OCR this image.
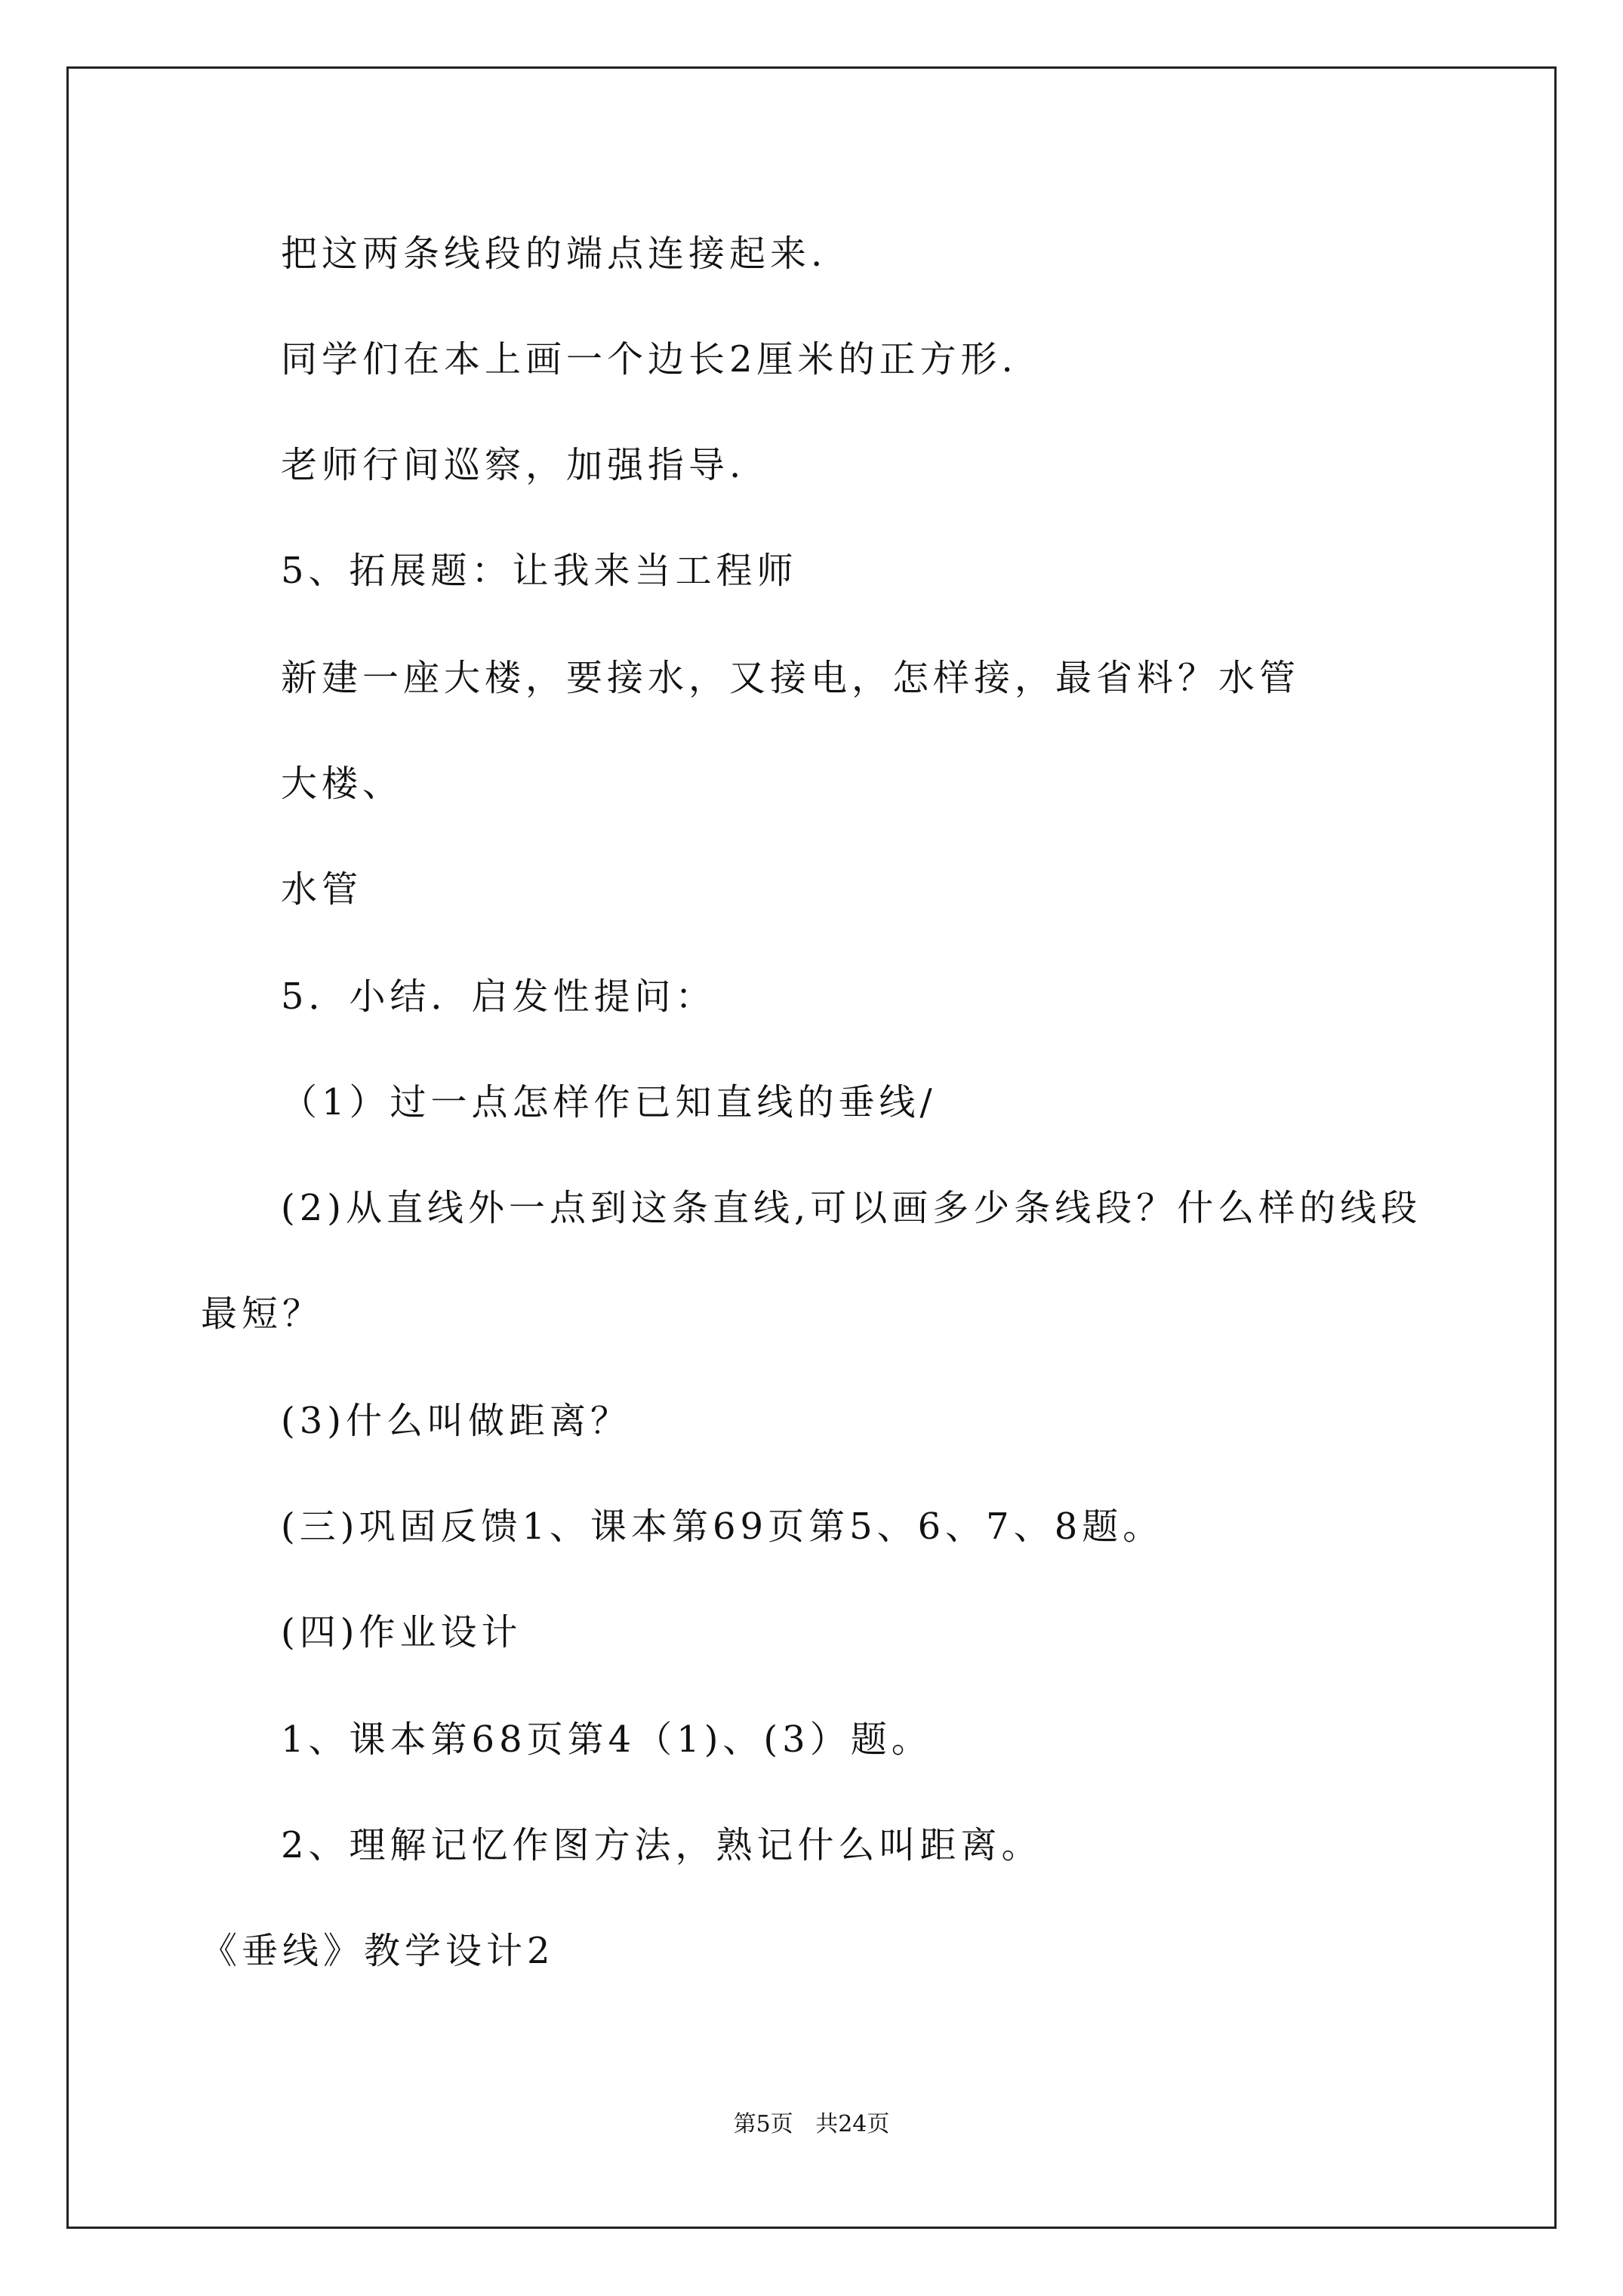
把这两条线段的端点连接起来.
同学们在本上画一个边长2厘米的正方形.
老师行间巡察，加强指导.
5、拓展题：让我来当工程师
新建一座大楼，要接水，又接电，怎样接，最省料？水管
大楼、
水管
5．小结．启发性提问：
（1）过一点怎样作已知直线的垂线/
(2)从直线外一点到这条直线,可以画多少条线段？什么样的线段
最短？
(3)什么叫做距离？
(三)巩固反馈1、课本第69页第5、6、7、8题。
(四)作业设计
1、课本第68页第4（1)、(3）题。
2、理解记忆作图方法，熟记什么叫距离。
《垂线》教学设计2
第5页 共24页
